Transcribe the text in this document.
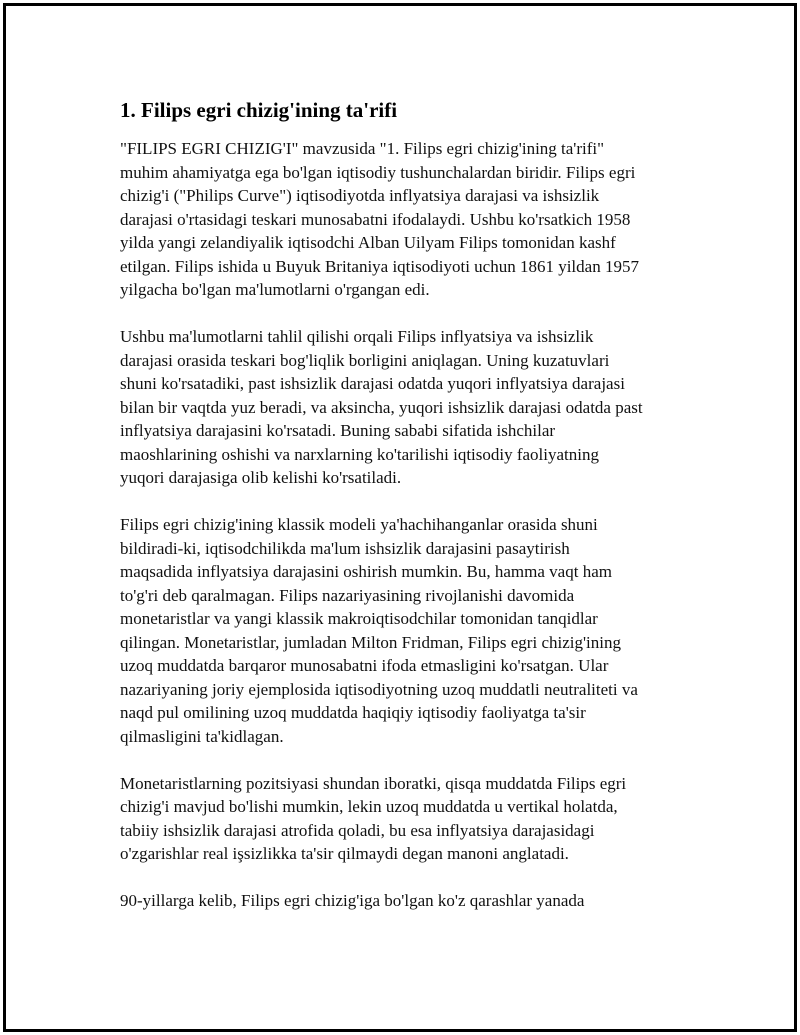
1. Filips egri chizig'ining ta'rifi

"FILIPS EGRI CHIZIG'I" mavzusida "1. Filips egri chizig'ining ta'rifi"
muhim ahamiyatga ega bo'lgan iqtisodiy tushunchalardan biridir. Filips egri
chizig'i ("Philips Curve") iqtisodiyotda inflyatsiya darajasi va ishsizlik
darajasi o'rtasidagi teskari munosabatni ifodalaydi. Ushbu ko'rsatkich 1958
yilda yangi zelandiyalik iqtisodchi Alban Uilyam Filips tomonidan kashf
etilgan. Filips ishida u Buyuk Britaniya iqtisodiyoti uchun 1861 yildan 1957
yilgacha bo'lgan ma'lumotlarni o'rgangan edi.

Ushbu ma'lumotlarni tahlil qilishi orqali Filips inflyatsiya va ishsizlik
darajasi orasida teskari bog'liqlik borligini aniqlagan. Uning kuzatuvlari
shuni ko'rsatadiki, past ishsizlik darajasi odatda yuqori inflyatsiya darajasi
bilan bir vaqtda yuz beradi, va aksincha, yuqori ishsizlik darajasi odatda past
inflyatsiya darajasini ko'rsatadi. Buning sababi sifatida ishchilar
maoshlarining oshishi va narxlarning ko'tarilishi iqtisodiy faoliyatning
yuqori darajasiga olib kelishi ko'rsatiladi.

Filips egri chizig'ining klassik modeli ya'hachihanganlar orasida shuni
bildiradi-ki, iqtisodchilikda ma'lum ishsizlik darajasini pasaytirish
maqsadida inflyatsiya darajasini oshirish mumkin. Bu, hamma vaqt ham
to'g'ri deb qaralmagan. Filips nazariyasining rivojlanishi davomida
monetaristlar va yangi klassik makroiqtisodchilar tomonidan tanqidlar
qilingan. Monetaristlar, jumladan Milton Fridman, Filips egri chizig'ining
uzoq muddatda barqaror munosabatni ifoda etmasligini ko'rsatgan. Ular
nazariyaning joriy ejemplosida iqtisodiyotning uzoq muddatli neutraliteti va
naqd pul omilining uzoq muddatda haqiqiy iqtisodiy faoliyatga ta'sir
qilmasligini ta'kidlagan.

Monetaristlarning pozitsiyasi shundan iboratki, qisqa muddatda Filips egri
chizig'i mavjud bo'lishi mumkin, lekin uzoq muddatda u vertikal holatda,
tabiiy ishsizlik darajasi atrofida qoladi, bu esa inflyatsiya darajasidagi
o'zgarishlar real işsizlikka ta'sir qilmaydi degan manoni anglatadi.

90-yillarga kelib, Filips egri chizig'iga bo'lgan ko'z qarashlar yanada
